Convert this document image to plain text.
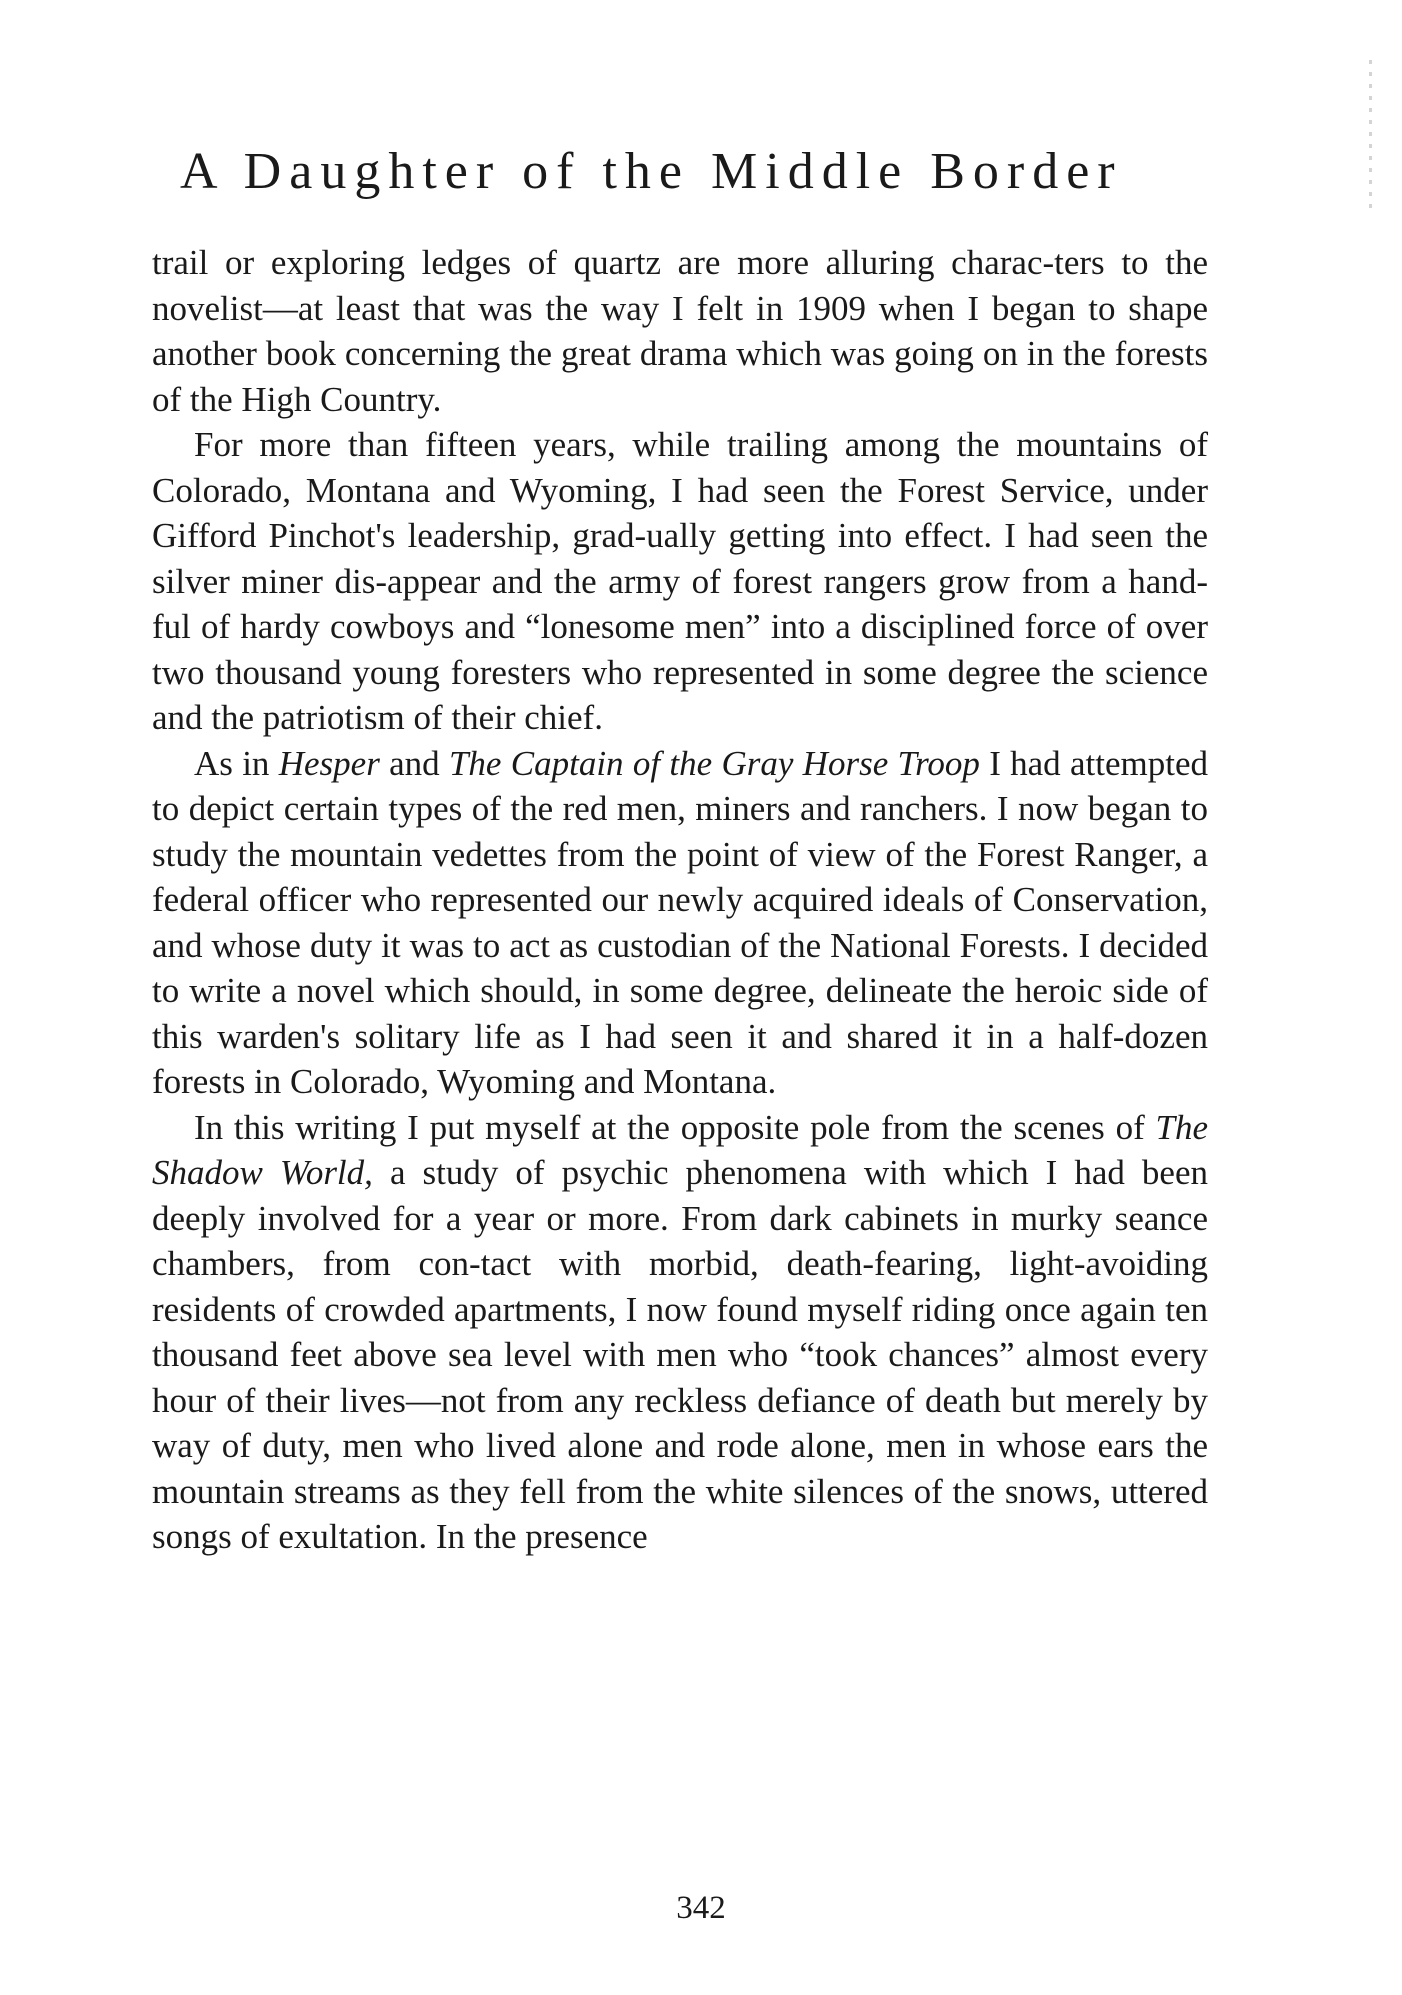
A Daughter of the Middle Border

trail or exploring ledges of quartz are more alluring charac-ters to the novelist—at least that was the way I felt in 1909 when I began to shape another book concerning the great drama which was going on in the forests of the High Country.

For more than fifteen years, while trailing among the mountains of Colorado, Montana and Wyoming, I had seen the Forest Service, under Gifford Pinchot's leadership, grad-ually getting into effect. I had seen the silver miner dis-appear and the army of forest rangers grow from a hand-ful of hardy cowboys and “lonesome men” into a disciplined force of over two thousand young foresters who represented in some degree the science and the patriotism of their chief.

As in Hesper and The Captain of the Gray Horse Troop I had attempted to depict certain types of the red men, miners and ranchers. I now began to study the mountain vedettes from the point of view of the Forest Ranger, a federal officer who represented our newly acquired ideals of Conservation, and whose duty it was to act as custodian of the National Forests. I decided to write a novel which should, in some degree, delineate the heroic side of this warden's solitary life as I had seen it and shared it in a half-dozen forests in Colorado, Wyoming and Montana.

In this writing I put myself at the opposite pole from the scenes of The Shadow World, a study of psychic phenomena with which I had been deeply involved for a year or more. From dark cabinets in murky seance chambers, from con-tact with morbid, death-fearing, light-avoiding residents of crowded apartments, I now found myself riding once again ten thousand feet above sea level with men who “took chances” almost every hour of their lives—not from any reckless defiance of death but merely by way of duty, men who lived alone and rode alone, men in whose ears the mountain streams as they fell from the white silences of the snows, uttered songs of exultation. In the presence

342
